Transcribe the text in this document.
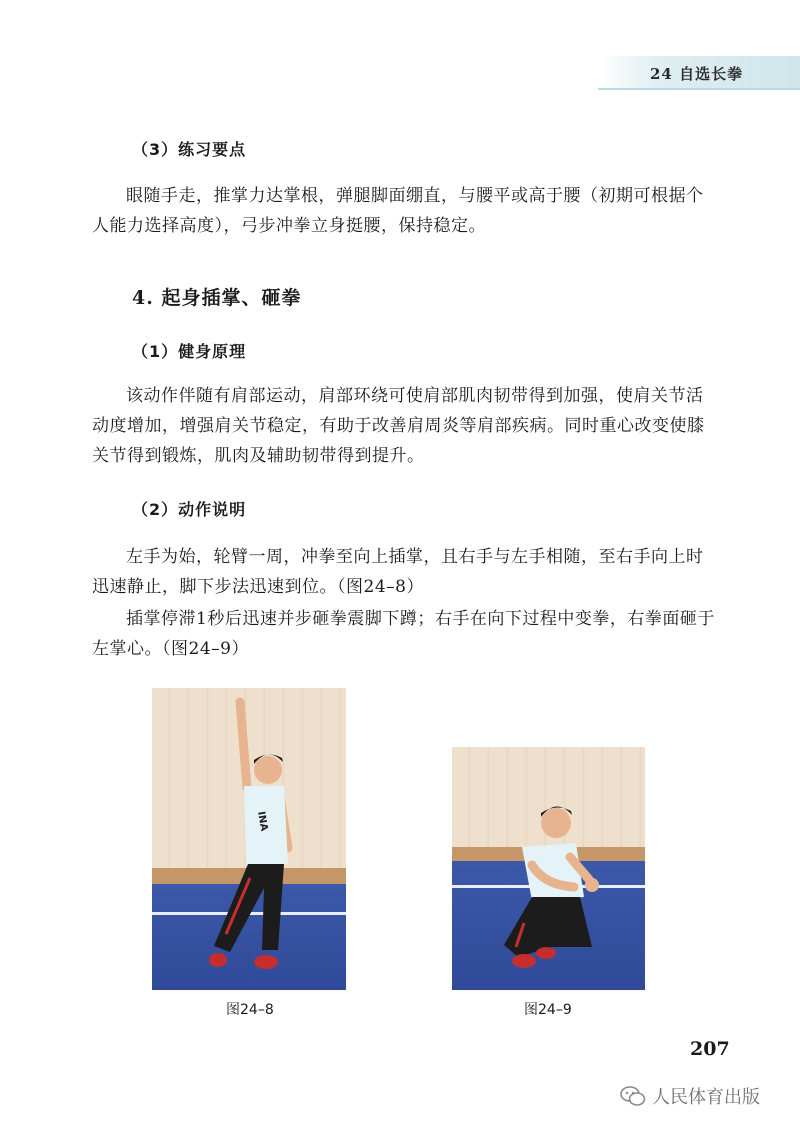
24 自选长拳
（3）练习要点

眼随手走，推掌力达掌根，弹腿脚面绷直，与腰平或高于腰（初期可根据个人能力选择高度），弓步冲拳立身挺腰，保持稳定。

4. 起身插掌、砸拳
（1）健身原理

该动作伴随有肩部运动，肩部环绕可使肩部肌肉韧带得到加强，使肩关节活动度增加，增强肩关节稳定，有助于改善肩周炎等肩部疾病。同时重心改变使膝关节得到锻炼，肌肉及辅助韧带得到提升。

（2）动作说明

左手为始，轮臂一周，冲拳至向上插掌，且右手与左手相随，至右手向上时迅速静止，脚下步法迅速到位。（图24–8）

插掌停滞1秒后迅速并步砸拳震脚下蹲；右手在向下过程中变拳，右拳面砸于左掌心。（图24–9）

INA
图24–8	图24–9
207
人民体育出版
